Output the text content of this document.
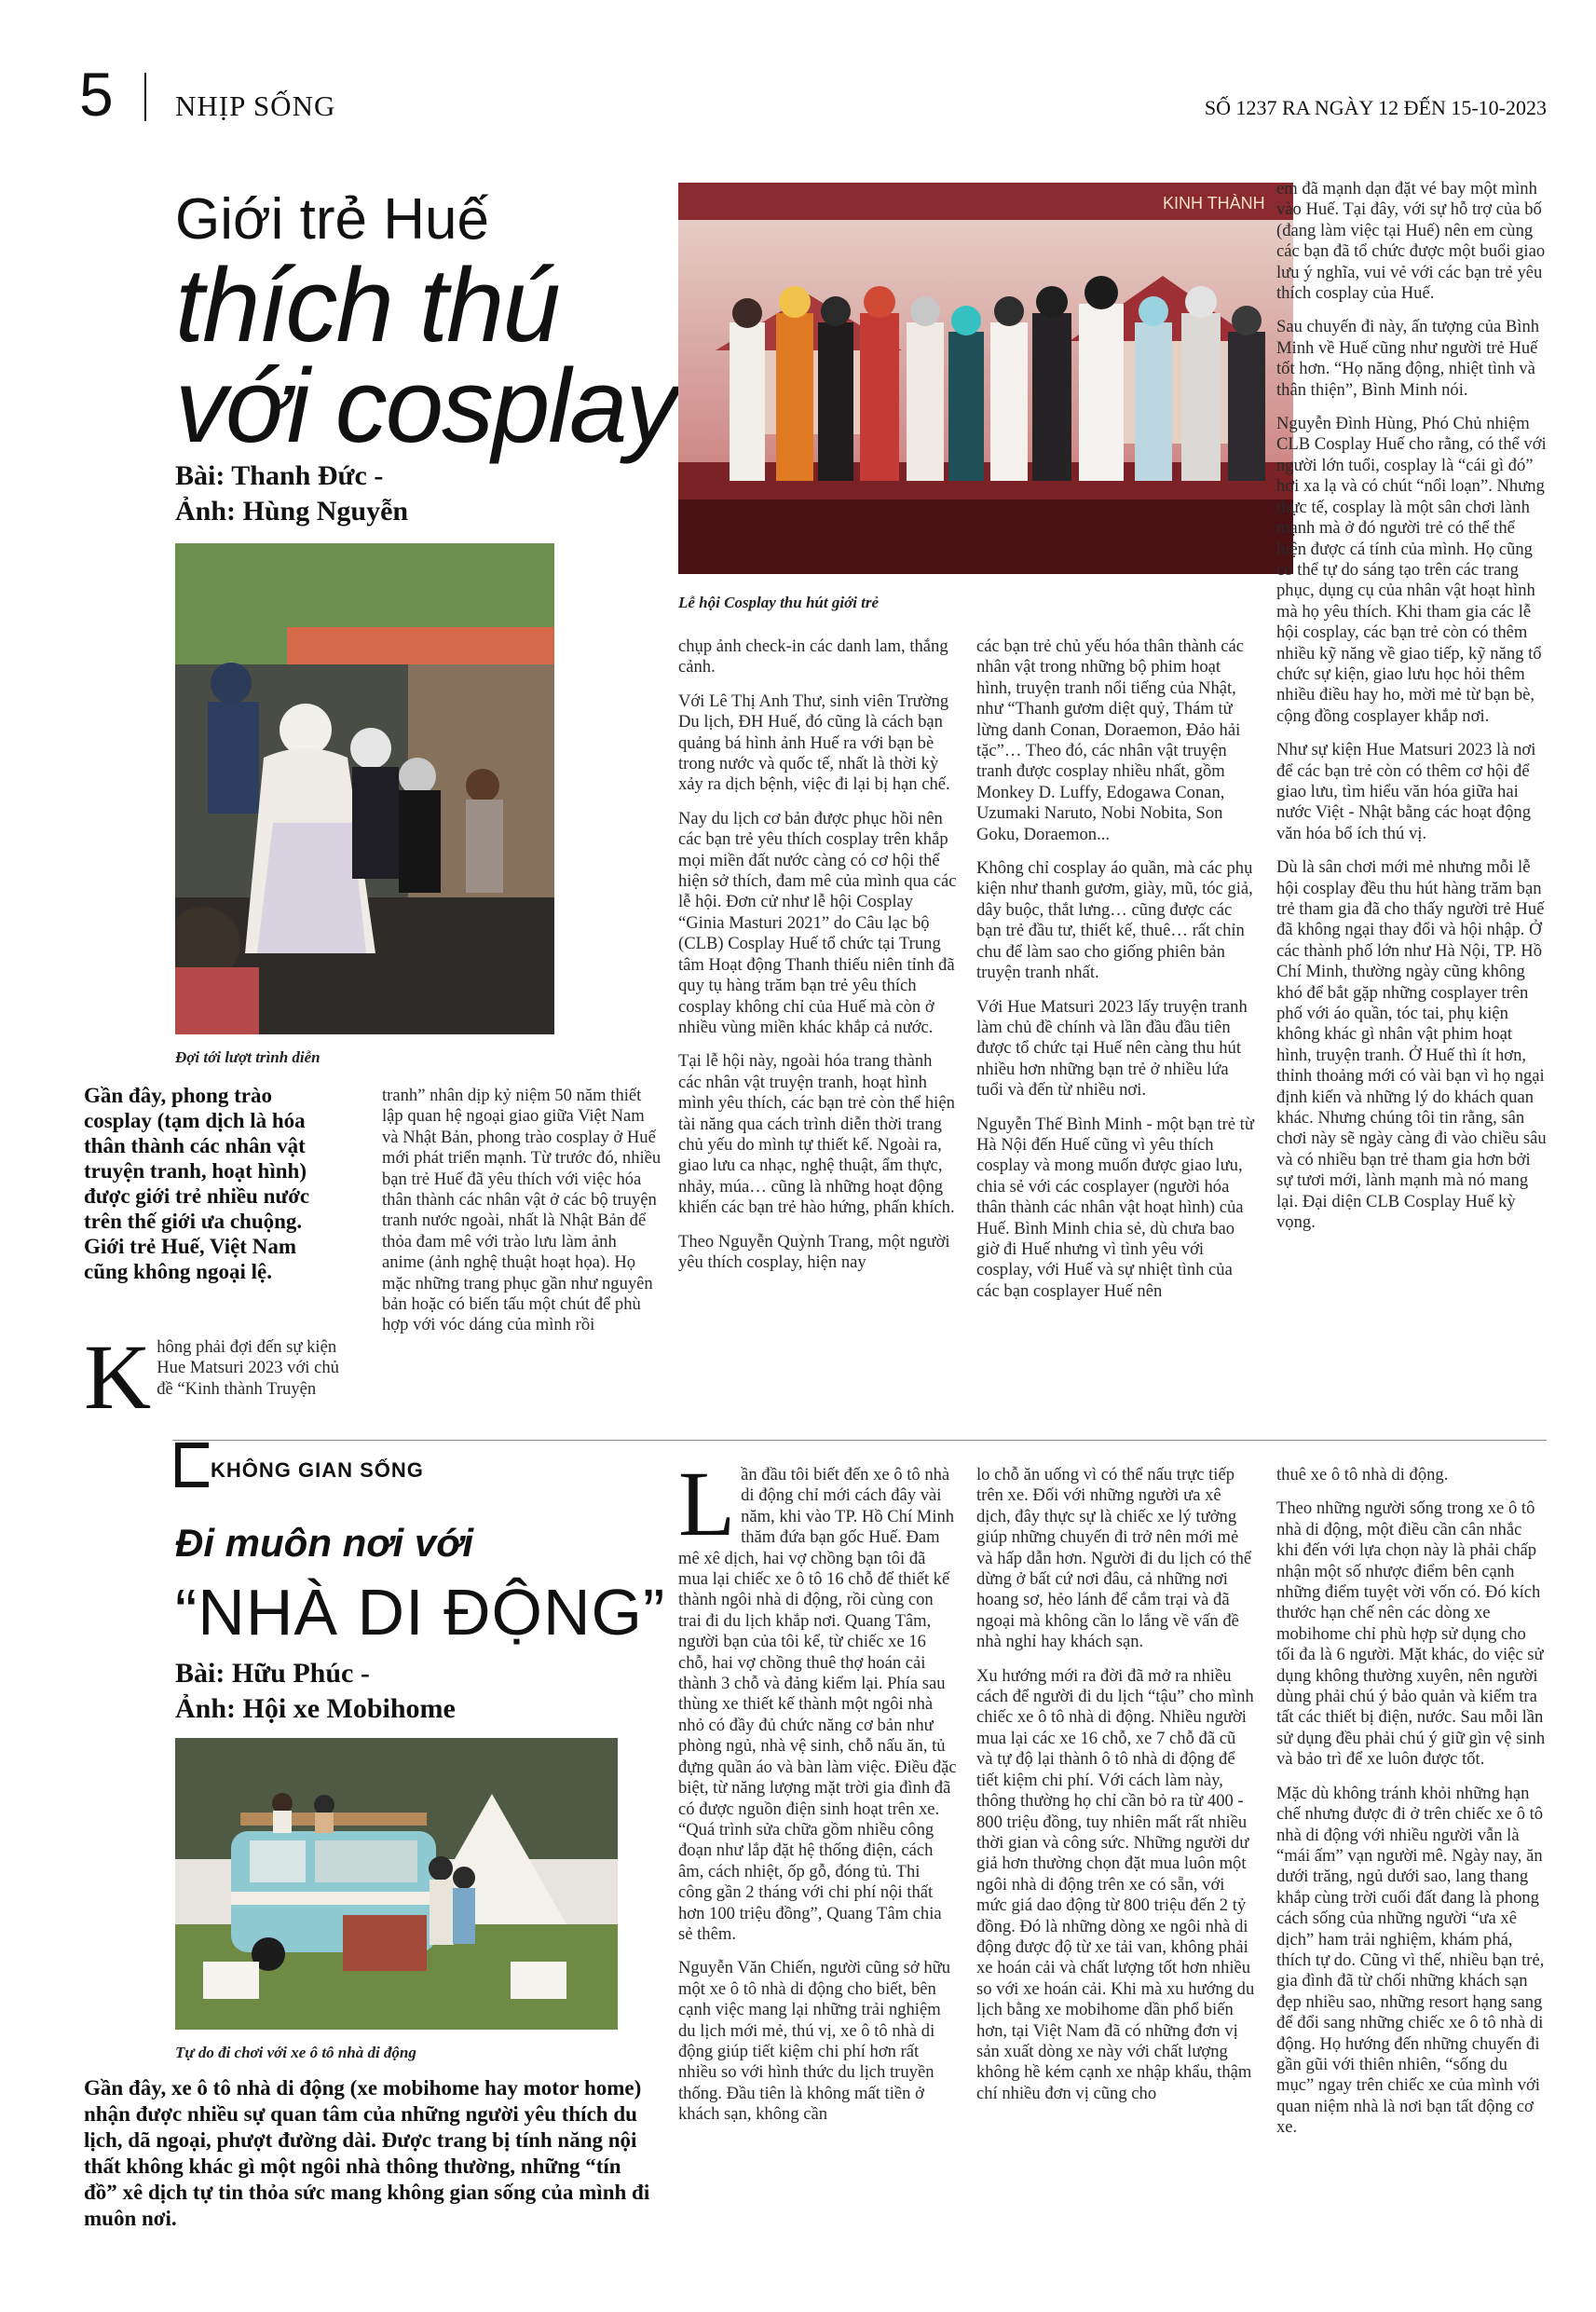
5 NHỊP SỐNG	SỐ 1237 RA NGÀY 12 ĐẾN 15-10-2023
Giới trẻ Huế
thích thú
với cosplay
Bài: Thanh Đức -
Ảnh: Hùng Nguyễn
Đợi tới lượt trình diễn
KINH THÀNH
Lễ hội Cosplay thu hút giới trẻ
Gần đây, phong trào cosplay (tạm dịch là hóa thân thành các nhân vật truyện tranh, hoạt hình) được giới trẻ nhiều nước trên thế giới ưa chuộng. Giới trẻ Huế, Việt Nam cũng không ngoại lệ.
Không phải đợi đến sự kiện Hue Matsuri 2023 với chủ đề “Kinh thành Truyện

tranh” nhân dịp kỷ niệm 50 năm thiết lập quan hệ ngoại giao giữa Việt Nam và Nhật Bản, phong trào cosplay ở Huế mới phát triển mạnh. Từ trước đó, nhiều bạn trẻ Huế đã yêu thích với việc hóa thân thành các nhân vật ở các bộ truyện tranh nước ngoài, nhất là Nhật Bản để thỏa đam mê với trào lưu làm ảnh anime (ảnh nghệ thuật hoạt họa). Họ mặc những trang phục gần như nguyên bản hoặc có biến tấu một chút để phù hợp với vóc dáng của mình rồi

chụp ảnh check-in các danh lam, thắng cảnh.

Với Lê Thị Anh Thư, sinh viên Trường Du lịch, ĐH Huế, đó cũng là cách bạn quảng bá hình ảnh Huế ra với bạn bè trong nước và quốc tế, nhất là thời kỳ xảy ra dịch bệnh, việc đi lại bị hạn chế.

Nay du lịch cơ bản được phục hồi nên các bạn trẻ yêu thích cosplay trên khắp mọi miền đất nước càng có cơ hội thể hiện sở thích, đam mê của mình qua các lễ hội. Đơn cử như lễ hội Cosplay “Ginia Masturi 2021” do Câu lạc bộ (CLB) Cosplay Huế tổ chức tại Trung tâm Hoạt động Thanh thiếu niên tỉnh đã quy tụ hàng trăm bạn trẻ yêu thích cosplay không chỉ của Huế mà còn ở nhiều vùng miền khác khắp cả nước.

Tại lễ hội này, ngoài hóa trang thành các nhân vật truyện tranh, hoạt hình mình yêu thích, các bạn trẻ còn thể hiện tài năng qua cách trình diễn thời trang chủ yếu do mình tự thiết kế. Ngoài ra, giao lưu ca nhạc, nghệ thuật, ẩm thực, nhảy, múa… cũng là những hoạt động khiến các bạn trẻ hào hứng, phấn khích.

Theo Nguyễn Quỳnh Trang, một người yêu thích cosplay, hiện nay

các bạn trẻ chủ yếu hóa thân thành các nhân vật trong những bộ phim hoạt hình, truyện tranh nổi tiếng của Nhật, như “Thanh gươm diệt quỷ, Thám tử lừng danh Conan, Doraemon, Đảo hải tặc”… Theo đó, các nhân vật truyện tranh được cosplay nhiều nhất, gồm Monkey D. Luffy, Edogawa Conan, Uzumaki Naruto, Nobi Nobita, Son Goku, Doraemon...

Không chỉ cosplay áo quần, mà các phụ kiện như thanh gươm, giày, mũ, tóc giả, dây buộc, thắt lưng… cũng được các bạn trẻ đầu tư, thiết kế, thuê… rất chỉn chu để làm sao cho giống phiên bản truyện tranh nhất.

Với Hue Matsuri 2023 lấy truyện tranh làm chủ đề chính và lần đầu đầu tiên được tổ chức tại Huế nên càng thu hút nhiều hơn những bạn trẻ ở nhiều lứa tuổi và đến từ nhiều nơi.

Nguyễn Thế Bình Minh - một bạn trẻ từ Hà Nội đến Huế cũng vì yêu thích cosplay và mong muốn được giao lưu, chia sẻ với các cosplayer (người hóa thân thành các nhân vật hoạt hình) của Huế. Bình Minh chia sẻ, dù chưa bao giờ đi Huế nhưng vì tình yêu với cosplay, với Huế và sự nhiệt tình của các bạn cosplayer Huế nên

em đã mạnh dạn đặt vé bay một mình vào Huế. Tại đây, với sự hỗ trợ của bố (đang làm việc tại Huế) nên em cùng các bạn đã tổ chức được một buổi giao lưu ý nghĩa, vui vẻ với các bạn trẻ yêu thích cosplay của Huế.

Sau chuyến đi này, ấn tượng của Bình Minh về Huế cũng như người trẻ Huế tốt hơn. “Họ năng động, nhiệt tình và thân thiện”, Bình Minh nói.

Nguyễn Đình Hùng, Phó Chủ nhiệm CLB Cosplay Huế cho rằng, có thể với người lớn tuổi, cosplay là “cái gì đó” hơi xa lạ và có chút “nổi loạn”. Nhưng thực tế, cosplay là một sân chơi lành mạnh mà ở đó người trẻ có thể thể hiện được cá tính của mình. Họ cũng có thể tự do sáng tạo trên các trang phục, dụng cụ của nhân vật hoạt hình mà họ yêu thích. Khi tham gia các lễ hội cosplay, các bạn trẻ còn có thêm nhiều kỹ năng về giao tiếp, kỹ năng tổ chức sự kiện, giao lưu học hỏi thêm nhiều điều hay ho, mời mẻ từ bạn bè, cộng đồng cosplayer khắp nơi.

Như sự kiện Hue Matsuri 2023 là nơi để các bạn trẻ còn có thêm cơ hội để giao lưu, tìm hiểu văn hóa giữa hai nước Việt - Nhật bằng các hoạt động văn hóa bổ ích thú vị.

Dù là sân chơi mới mẻ nhưng mỗi lễ hội cosplay đều thu hút hàng trăm bạn trẻ tham gia đã cho thấy người trẻ Huế đã không ngại thay đổi và hội nhập. Ở các thành phố lớn như Hà Nội, TP. Hồ Chí Minh, thường ngày cũng không khó để bắt gặp những cosplayer trên phố với áo quần, tóc tai, phụ kiện không khác gì nhân vật phim hoạt hình, truyện tranh. Ở Huế thì ít hơn, thỉnh thoảng mới có vài bạn vì họ ngại định kiến và những lý do khách quan khác. Nhưng chúng tôi tin rằng, sân chơi này sẽ ngày càng đi vào chiều sâu và có nhiều bạn trẻ tham gia hơn bởi sự tươi mới, lành mạnh mà nó mang lại. Đại diện CLB Cosplay Huế kỳ vọng.

KHÔNG GIAN SỐNG
Đi muôn nơi với
“NHÀ DI ĐỘNG”
Bài: Hữu Phúc -
Ảnh: Hội xe Mobihome
Tự do đi chơi với xe ô tô nhà di động
Gần đây, xe ô tô nhà di động (xe mobihome hay motor home) nhận được nhiều sự quan tâm của những người yêu thích du lịch, dã ngoại, phượt đường dài. Được trang bị tính năng nội thất không khác gì một ngôi nhà thông thường, những “tín đồ” xê dịch tự tin thỏa sức mang không gian sống của mình đi muôn nơi.

Lần đầu tôi biết đến xe ô tô nhà di động chỉ mới cách đây vài năm, khi vào TP. Hồ Chí Minh thăm đứa bạn gốc Huế. Đam mê xê dịch, hai vợ chồng bạn tôi đã mua lại chiếc xe ô tô 16 chỗ để thiết kế thành ngôi nhà di động, rồi cùng con trai đi du lịch khắp nơi. Quang Tâm, người bạn của tôi kể, từ chiếc xe 16 chỗ, hai vợ chồng thuê thợ hoán cải thành 3 chỗ và đảng kiểm lại. Phía sau thùng xe thiết kế thành một ngôi nhà nhỏ có đầy đủ chức năng cơ bản như phòng ngủ, nhà vệ sinh, chỗ nấu ăn, tủ đựng quần áo và bàn làm việc. Điều đặc biệt, từ năng lượng mặt trời gia đình đã có được nguồn điện sinh hoạt trên xe. “Quá trình sửa chữa gồm nhiều công đoạn như lắp đặt hệ thống điện, cách âm, cách nhiệt, ốp gỗ, đóng tủ. Thi công gần 2 tháng với chi phí nội thất hơn 100 triệu đồng”, Quang Tâm chia sẻ thêm.

Nguyễn Văn Chiến, người cũng sở hữu một xe ô tô nhà di động cho biết, bên cạnh việc mang lại những trải nghiệm du lịch mới mẻ, thú vị, xe ô tô nhà di động giúp tiết kiệm chi phí hơn rất nhiều so với hình thức du lịch truyền thống. Đầu tiên là không mất tiền ở khách sạn, không cần

lo chỗ ăn uống vì có thể nấu trực tiếp trên xe. Đối với những người ưa xê dịch, đây thực sự là chiếc xe lý tưởng giúp những chuyến đi trở nên mới mẻ và hấp dẫn hơn. Người đi du lịch có thể dừng ở bất cứ nơi đâu, cả những nơi hoang sơ, hẻo lánh để cắm trại và đã ngoại mà không cần lo lắng về vấn đề nhà nghỉ hay khách sạn.

Xu hướng mới ra đời đã mở ra nhiều cách để người đi du lịch “tậu” cho mình chiếc xe ô tô nhà di động. Nhiều người mua lại các xe 16 chỗ, xe 7 chỗ đã cũ và tự độ lại thành ô tô nhà di động để tiết kiệm chi phí. Với cách làm này, thông thường họ chỉ cần bỏ ra từ 400 - 800 triệu đồng, tuy nhiên mất rất nhiều thời gian và công sức. Những người dư giả hơn thường chọn đặt mua luôn một ngôi nhà di động trên xe có sẵn, với mức giá dao động từ 800 triệu đến 2 tỷ đồng. Đó là những dòng xe ngôi nhà di động được độ từ xe tải van, không phải xe hoán cải và chất lượng tốt hơn nhiều so với xe hoán cải. Khi mà xu hướng du lịch bằng xe mobihome dần phổ biến hơn, tại Việt Nam đã có những đơn vị sản xuất dòng xe này với chất lượng không hề kém cạnh xe nhập khẩu, thậm chí nhiều đơn vị cũng cho

thuê xe ô tô nhà di động.

Theo những người sống trong xe ô tô nhà di động, một điều cần cân nhắc khi đến với lựa chọn này là phải chấp nhận một số nhược điểm bên cạnh những điểm tuyệt vời vốn có. Đó kích thước hạn chế nên các dòng xe mobihome chỉ phù hợp sử dụng cho tối đa là 6 người. Mặt khác, do việc sử dụng không thường xuyên, nên người dùng phải chú ý bảo quản và kiểm tra tất các thiết bị điện, nước. Sau mỗi lần sử dụng đều phải chú ý giữ gìn vệ sinh và bảo trì để xe luôn được tốt.

Mặc dù không tránh khỏi những hạn chế nhưng được đi ở trên chiếc xe ô tô nhà di động với nhiều người vẫn là “mái ấm” vạn người mê. Ngày nay, ăn dưới trăng, ngủ dưới sao, lang thang khắp cùng trời cuối đất đang là phong cách sống của những người “ưa xê dịch” ham trải nghiệm, khám phá, thích tự do. Cũng vì thế, nhiều bạn trẻ, gia đình đã từ chối những khách sạn đẹp nhiều sao, những resort hạng sang để đổi sang những chiếc xe ô tô nhà di động. Họ hướng đến những chuyến đi gần gũi với thiên nhiên, “sống du mục” ngay trên chiếc xe của mình với quan niệm nhà là nơi bạn tất động cơ xe.
